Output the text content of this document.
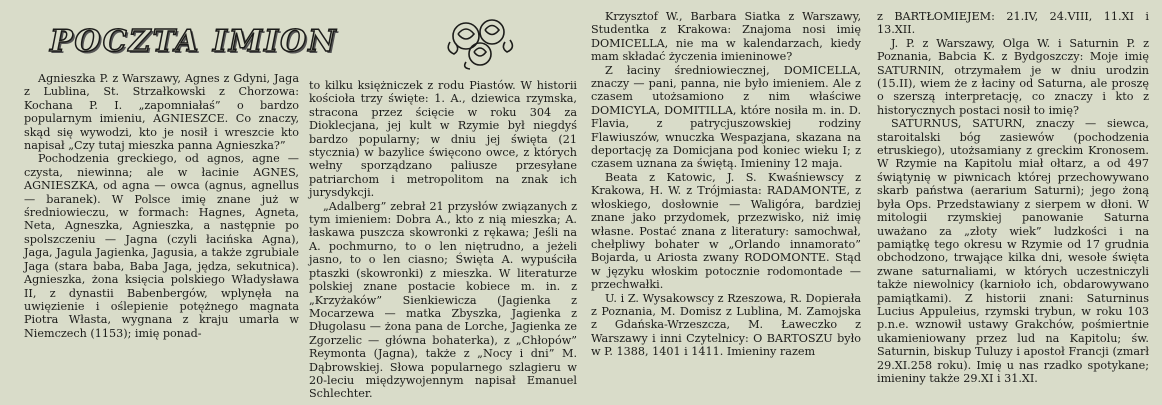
POCZTA IMION

Agnieszka P. z Warszawy, Agnes z Gdyni, Jaga z Lublina, St. Strzałkowski z Chorzowa: Kochana P. I. „zapomniałaś” o bardzo popularnym imieniu, AGNIESZCE. Co znaczy, skąd się wywodzi, kto je nosił i wreszcie kto napisał „Czy tutaj mieszka panna Agnieszka?”

Pochodzenia greckiego, od agnos, agne — czysta, niewinna; ale w łacinie AGNES, AGNIESZKA, od agna — owca (agnus, agnellus — baranek). W Polsce imię znane już w średniowieczu, w formach: Hagnes, Agneta, Neta, Agneszka, Agnieszka, a następnie po spolszczeniu — Jagna (czyli łacińska Agna), Jaga, Jagula Jagienka, Jagusia, a także zgrubiale Jaga (stara baba, Baba Jaga, jędza, sekutnica). Agnieszka, żona księcia polskiego Władysława II, z dynastii Babenbergów, wplynęła na uwięzienie i oślepienie potężnego magnata Piotra Własta, wygnana z kraju umarła w Niemczech (1153); imię ponad-

to kilku księżniczek z rodu Piastów. W historii kościoła trzy święte: 1. A., dziewica rzymska, stracona przez ścięcie w roku 304 za Dioklecjana, jej kult w Rzymie był niegdyś bardzo popularny; w dniu jej święta (21 stycznia) w bazylice święcono owce, z których wełny sporządzano paliusze przesyłane patriarchom i metropolitom na znak ich jurysdykcji.

„Adalberg” zebrał 21 przysłów związanych z tym imieniem: Dobra A., kto z nią mieszka; A. łaskawa puszcza skowronki z rękawa; Jeśli na A. pochmurno, to o len niętrudno, a jeżeli jasno, to o len ciasno; Święta A. wypuściła ptaszki (skowronki) z mieszka. W literaturze polskiej znane postacie kobiece m. in. z „Krzyżaków” Sienkiewicza (Jagienka z Mocarzewa — matka Zbyszka, Jagienka z Długolasu — żona pana de Lorche, Jagienka ze Zgorzelic — główna bohaterka), z „Chłopów” Reymonta (Jagna), także z „Nocy i dni” M. Dąbrowskiej. Słowa popularnego szlagieru w 20-leciu międzywojennym napisał Emanuel Schlechter.

Krzysztof W., Barbara Siatka z Warszawy, Studentka z Krakowa: Znajoma nosi imię DOMICELLA, nie ma w kalendarzach, kiedy mam składać życzenia imieninowe?

Z łaciny średniowiecznej, DOMICELLA, znaczy — pani, panna, nie było imieniem. Ale z czasem utożsamiono z nim właściwe DOMICYLA, DOMITILLA, które nosiła m. in. D. Flavia, z patrycjuszowskiej rodziny Flawiuszów, wnuczka Wespazjana, skazana na deportację za Domicjana pod koniec wieku I; z czasem uznana za świętą. Imieniny 12 maja.

Beata z Katowic, J. S. Kwaśniewscy z Krakowa, H. W. z Trójmiasta: RADAMONTE, z włoskiego, dosłownie — Waligóra, bardziej znane jako przydomek, przezwisko, niż imię własne. Postać znana z literatury: samochwał, chełpliwy bohater w „Orlando innamorato” Bojarda, u Ariosta zwany RODOMONTE. Stąd w języku włoskim potocznie rodomontade — przechwałki.

U. i Z. Wysakowscy z Rzeszowa, R. Dopierała z Poznania, M. Domisz z Lublina, M. Zamojska z Gdańska-Wrzeszcza, M. Ławeczko z Warszawy i inni Czytelnicy: O BARTOSZU było w P. 1388, 1401 i 1411. Imieniny razem

z BARTŁOMIEJEM: 21.IV, 24.VIII, 11.XI i 13.XII.

J. P. z Warszawy, Olga W. i Saturnin P. z Poznania, Babcia K. z Bydgoszczy: Moje imię SATURNIN, otrzymałem je w dniu urodzin (15.II), wiem że z łaciny od Saturna, ale proszę o szerszą interpretację, co znaczy i kto z historycznych postaci nosił to imię?

SATURNUS, SATURN, znaczy — siewca, staroitalski bóg zasiewów (pochodzenia etruskiego), utożsamiany z greckim Kronosem. W Rzymie na Kapitolu miał ołtarz, a od 497 świątynię w piwnicach której przechowywano skarb państwa (aerarium Saturni); jego żoną była Ops. Przedstawiany z sierpem w dłoni. W mitologii rzymskiej panowanie Saturna uważano za „złoty wiek” ludzkości i na pamiątkę tego okresu w Rzymie od 17 grudnia obchodzono, trwające kilka dni, wesołe święta zwane saturnaliami, w których uczestniczyli także niewolnicy (karnioło ich, obdarowywano pamiątkami). Z historii znani: Saturninus Lucius Appuleius, rzymski trybun, w roku 103 p.n.e. wznowił ustawy Grakchów, pośmiertnie ukamieniowany przez lud na Kapitolu; św. Saturnin, biskup Tuluzy i apostoł Francji (zmarł 29.XI.258 roku). Imię u nas rzadko spotykane; imieniny także 29.XI i 31.XI.
